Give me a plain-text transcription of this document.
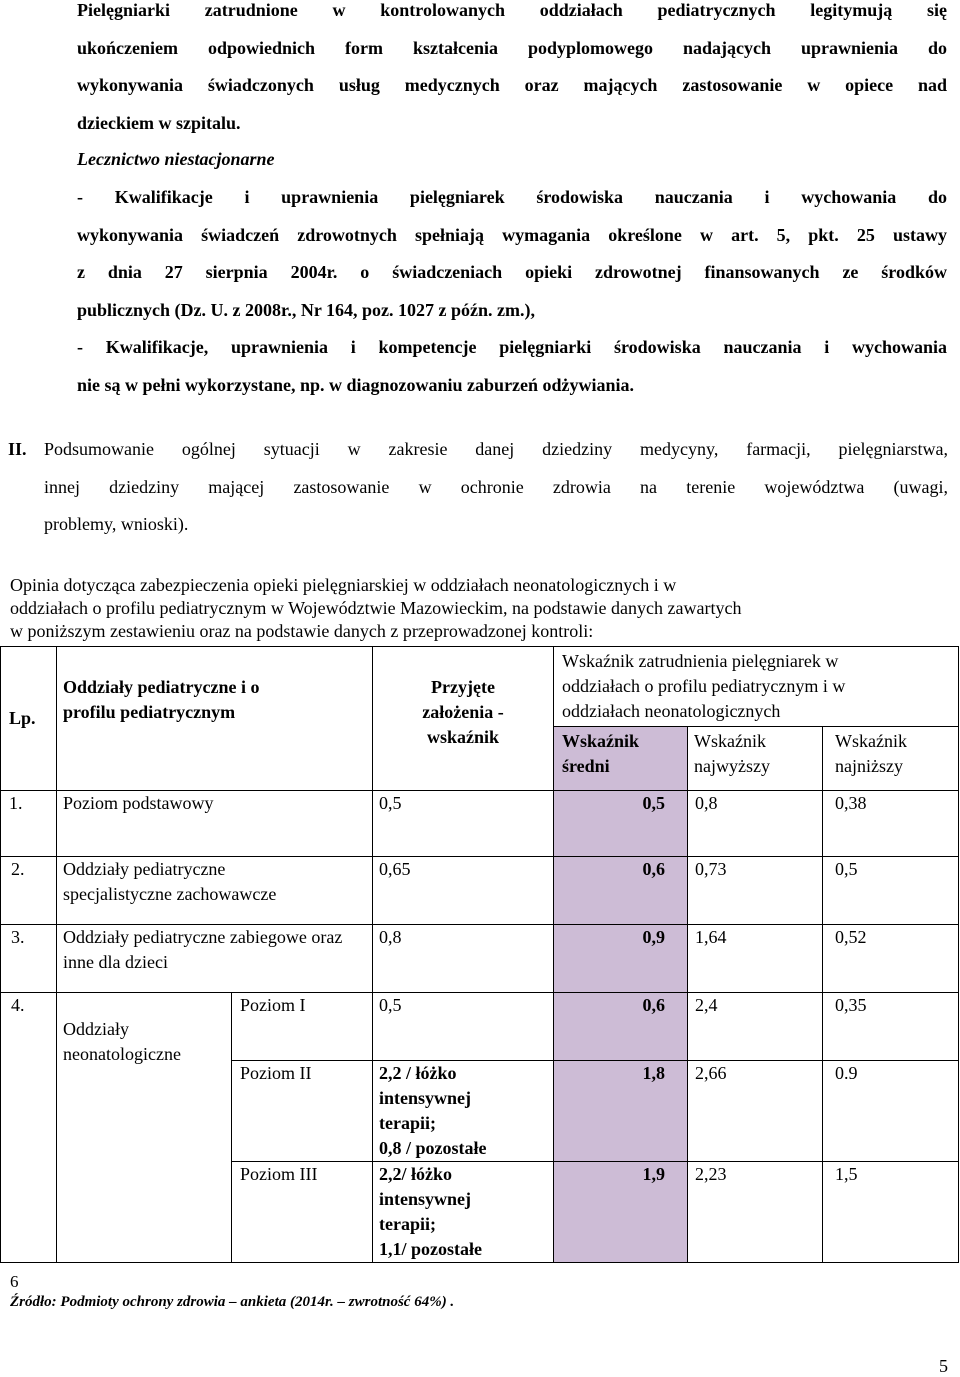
Pielęgniarki zatrudnione w kontrolowanych oddziałach pediatrycznych legitymują się
ukończeniem odpowiednich form kształcenia podyplomowego nadających uprawnienia do
wykonywania świadczonych usług medycznych oraz mających zastosowanie w opiece nad
dzieckiem w szpitalu.
Lecznictwo niestacjonarne
- Kwalifikacje i uprawnienia pielęgniarek środowiska nauczania i wychowania do
wykonywania świadczeń zdrowotnych spełniają wymagania określone w art. 5, pkt. 25 ustawy
z dnia 27 sierpnia 2004r. o świadczeniach opieki zdrowotnej finansowanych ze środków
publicznych (Dz. U. z 2008r., Nr 164, poz. 1027 z późn. zm.),
- Kwalifikacje, uprawnienia i kompetencje pielęgniarki środowiska nauczania i wychowania
nie są w pełni wykorzystane, np. w diagnozowaniu zaburzeń odżywiania.
II. Podsumowanie ogólnej sytuacji w zakresie danej dziedziny medycyny, farmacji, pielęgniarstwa,
innej dziedziny mającej zastosowanie w ochronie zdrowia na terenie województwa (uwagi,
problemy, wnioski).
Opinia dotycząca zabezpieczenia opieki pielęgniarskiej w oddziałach neonatologicznych i w
oddziałach o profilu pediatrycznym w Województwie Mazowieckim, na podstawie danych zawartych
w poniższym zestawieniu oraz na podstawie danych z przeprowadzonej kontroli:
Lp.	Oddziały pediatryczne i o profilu pediatrycznym		Przyjęte założenia -wskaźnik	Wskaźnik zatrudnienia pielęgniarek w oddziałach o profilu pediatrycznym i w oddziałach neonatologicznych		

				Wskaźnik średni	Wskaźnik najwyższy	Wskaźnik najniższy

1.	Poziom podstawowy		0,5	0,5	0,8	0,38
2.	Oddziały pediatryczne specjalistyczne zachowawcze		0,65	0,6	0,73	0,5
3.	Oddziały pediatryczne zabiegowe oraz inne dla dzieci		0,8	0,9	1,64	0,52
4.	Oddziały neonatologiczne	Poziom I	0,5	0,6	2,4	0,35
		Poziom II	2,2 / łóżko
intensywnej
terapii;
0,8 / pozostałe	1,8	2,66	0.9
		Poziom III	2,2/ łóżko
intensywnej
terapii;
1,1/ pozostałe	1,9	2,23	1,5
6
Źródło: Podmioty ochrony zdrowia – ankieta (2014r. – zwrotność 64%) .
5
